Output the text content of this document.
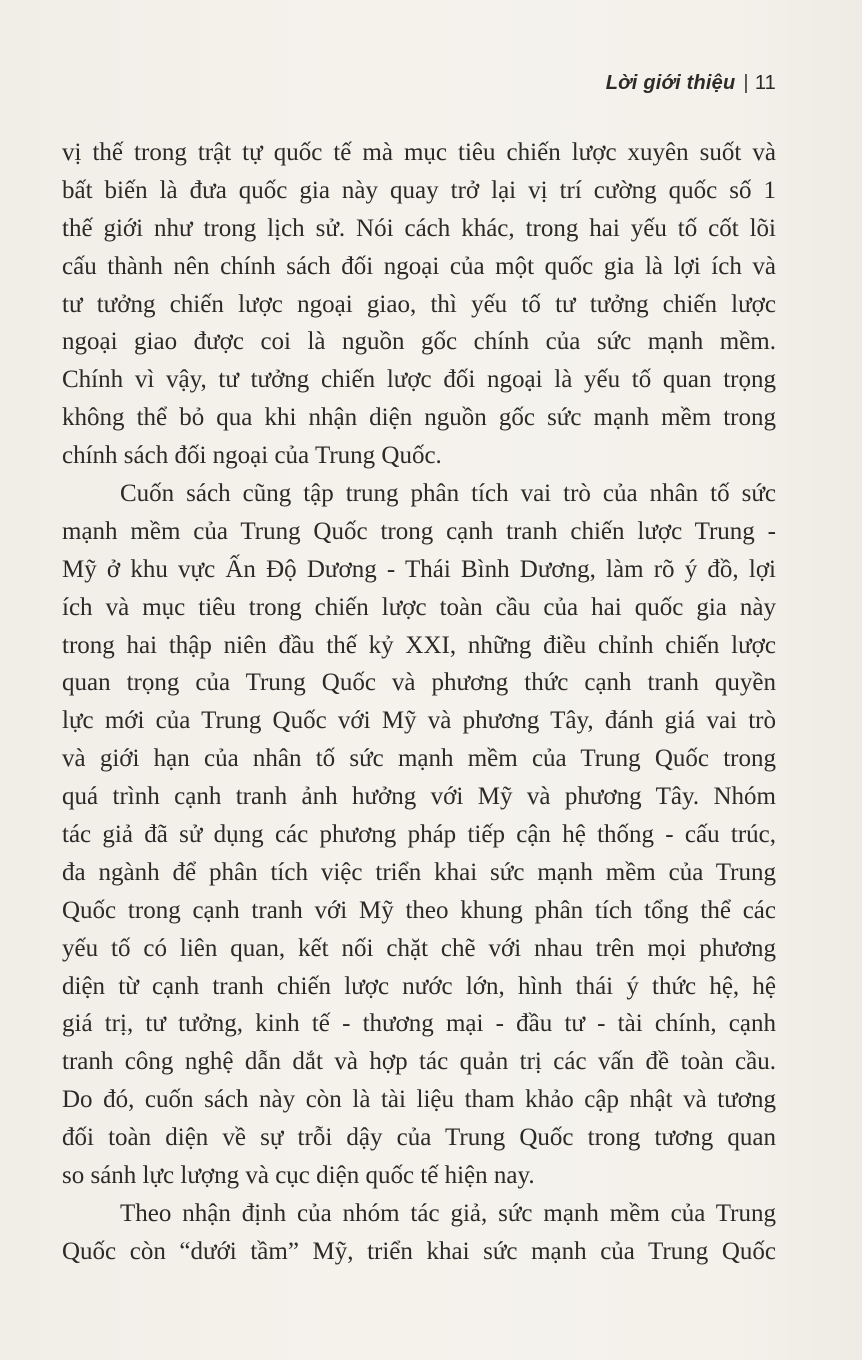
Lời giới thiệu | 11
vị thế trong trật tự quốc tế mà mục tiêu chiến lược xuyên suốt và
bất biến là đưa quốc gia này quay trở lại vị trí cường quốc số 1
thế giới như trong lịch sử. Nói cách khác, trong hai yếu tố cốt lõi
cấu thành nên chính sách đối ngoại của một quốc gia là lợi ích và
tư tưởng chiến lược ngoại giao, thì yếu tố tư tưởng chiến lược
ngoại giao được coi là nguồn gốc chính của sức mạnh mềm.
Chính vì vậy, tư tưởng chiến lược đối ngoại là yếu tố quan trọng
không thể bỏ qua khi nhận diện nguồn gốc sức mạnh mềm trong
chính sách đối ngoại của Trung Quốc.
Cuốn sách cũng tập trung phân tích vai trò của nhân tố sức
mạnh mềm của Trung Quốc trong cạnh tranh chiến lược Trung -
Mỹ ở khu vực Ấn Độ Dương - Thái Bình Dương, làm rõ ý đồ, lợi
ích và mục tiêu trong chiến lược toàn cầu của hai quốc gia này
trong hai thập niên đầu thế kỷ XXI, những điều chỉnh chiến lược
quan trọng của Trung Quốc và phương thức cạnh tranh quyền
lực mới của Trung Quốc với Mỹ và phương Tây, đánh giá vai trò
và giới hạn của nhân tố sức mạnh mềm của Trung Quốc trong
quá trình cạnh tranh ảnh hưởng với Mỹ và phương Tây. Nhóm
tác giả đã sử dụng các phương pháp tiếp cận hệ thống - cấu trúc,
đa ngành để phân tích việc triển khai sức mạnh mềm của Trung
Quốc trong cạnh tranh với Mỹ theo khung phân tích tổng thể các
yếu tố có liên quan, kết nối chặt chẽ với nhau trên mọi phương
diện từ cạnh tranh chiến lược nước lớn, hình thái ý thức hệ, hệ
giá trị, tư tưởng, kinh tế - thương mại - đầu tư - tài chính, cạnh
tranh công nghệ dẫn dắt và hợp tác quản trị các vấn đề toàn cầu.
Do đó, cuốn sách này còn là tài liệu tham khảo cập nhật và tương
đối toàn diện về sự trỗi dậy của Trung Quốc trong tương quan
so sánh lực lượng và cục diện quốc tế hiện nay.
Theo nhận định của nhóm tác giả, sức mạnh mềm của Trung
Quốc còn “dưới tầm” Mỹ, triển khai sức mạnh của Trung Quốc
